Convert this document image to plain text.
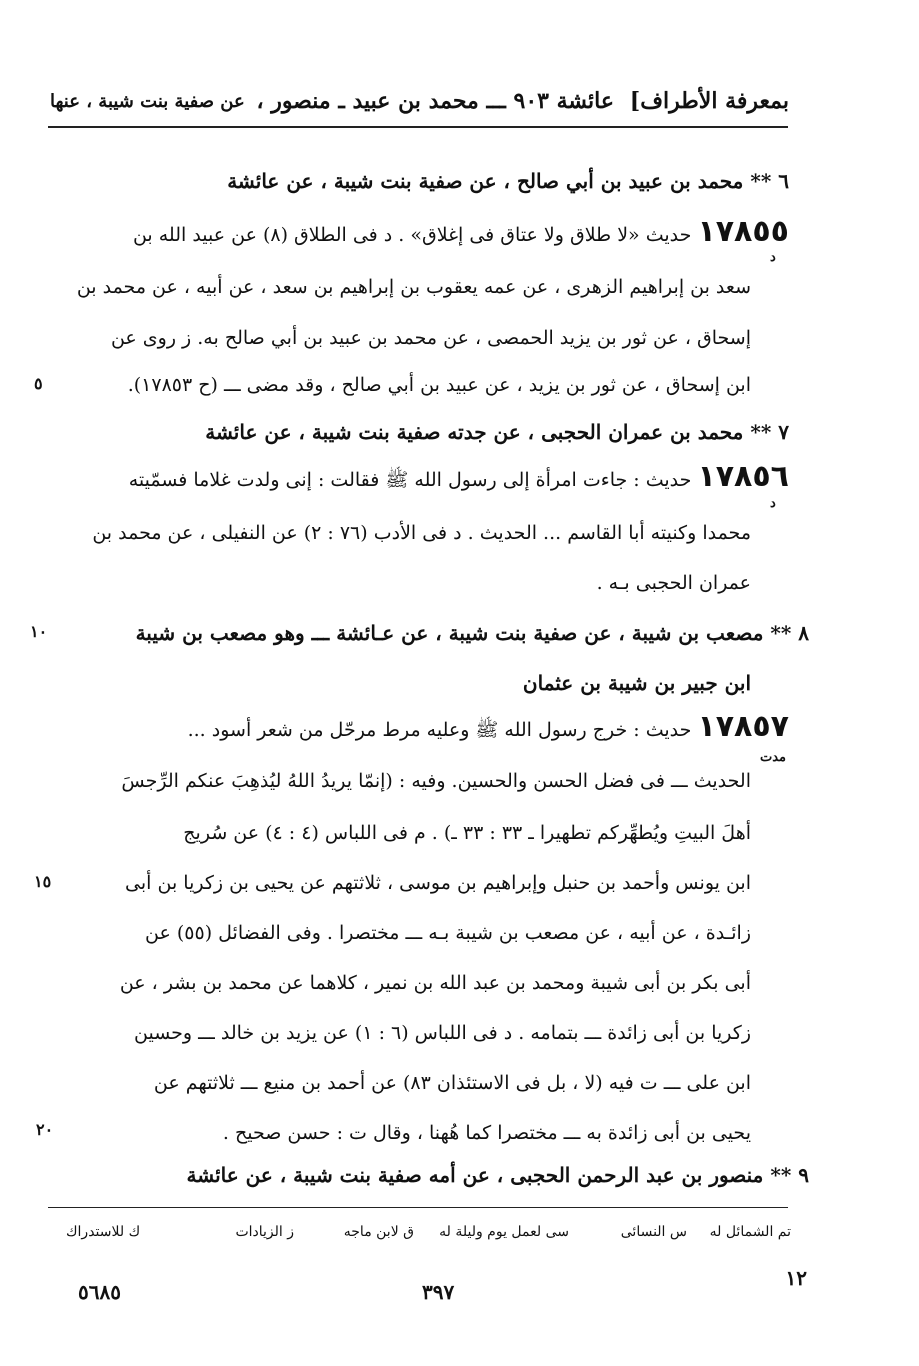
بمعرفة الأطراف]
عائشة ٩٠٣ ـــ محمد بن عبيد ـ منصور ،
عن صفية بنت شيبة ، عنها
٦ ** محمد بن عبيد بن أبي صالح ، عن صفية بنت شيبة ، عن عائشة
١٧٨٥٥ حديث «لا طلاق ولا عتاق فى إغلاق» . د فى الطلاق (٨) عن عبيد الله بن
د
سعد بن إبراهيم الزهرى ، عن عمه يعقوب بن إبراهيم بن سعد ، عن أبيه ، عن محمد بن
إسحاق ، عن ثور بن يزيد الحمصى ، عن محمد بن عبيد بن أبي صالح به. ز روى عن
ابن إسحاق ، عن ثور بن يزيد ، عن عبيد بن أبي صالح ، وقد مضى ـــ (ح ١٧٨٥٣).
٥
٧ ** محمد بن عمران الحجبى ، عن جدته صفية بنت شيبة ، عن عائشة
١٧٨٥٦ حديث : جاءت امرأة إلى رسول الله ﷺ فقالت : إنى ولدت غلاما فسمّيته
د
محمدا وكنيته أبا القاسم ... الحديث . د فى الأدب (٧٦ : ٢) عن النفيلى ، عن محمد بن
عمران الحجبى بـه .
٨ ** مصعب بن شيبة ، عن صفية بنت شيبة ، عن عـائشة ـــ وهو مصعب بن شيبة
١٠
ابن جبير بن شيبة بن عثمان
١٧٨٥٧ حديث : خرج رسول الله ﷺ وعليه مرط مرحّل من شعر أسود ...
مدت
الحديث ـــ فى فضل الحسن والحسين. وفيه : (إنمّا يريدُ اللهُ ليُذهِبَ عنكم الرِّجسَ
أهلَ البيتِ ويُطهِّركم تطهيرا ـ ٣٣ : ٣٣ ـ) . م فى اللباس (٤ : ٤) عن سُريج
ابن يونس وأحمد بن حنبل وإبراهيم بن موسى ، ثلاثتهم عن يحيى بن زكريا بن أبى
١٥
زائـدة ، عن أبيه ، عن مصعب بن شيبة بـه ـــ مختصرا . وفى الفضائل (٥٥) عن
أبى بكر بن أبى شيبة ومحمد بن عبد الله بن نمير ، كلاهما عن محمد بن بشر ، عن
زكريا بن أبى زائدة ـــ بتمامه . د فى اللباس (٦ : ١) عن يزيد بن خالد ـــ وحسين
ابن على ـــ ت فيه (لا ، بل فى الاستئذان ٨٣) عن أحمد بن منيع ـــ ثلاثتهم عن
يحيى بن أبى زائدة به ـــ مختصرا كما هُهنا ، وقال ت : حسن صحيح .
٢٠
٩ ** منصور بن عبد الرحمن الحجبى ، عن أمه صفية بنت شيبة ، عن عائشة
تم الشمائل له
س النسائى
سى لعمل يوم وليلة له
ق لابن ماجه
ز الزيادات
ك للاستدراك
١٢
٣٩٧
٥٦٨٥
